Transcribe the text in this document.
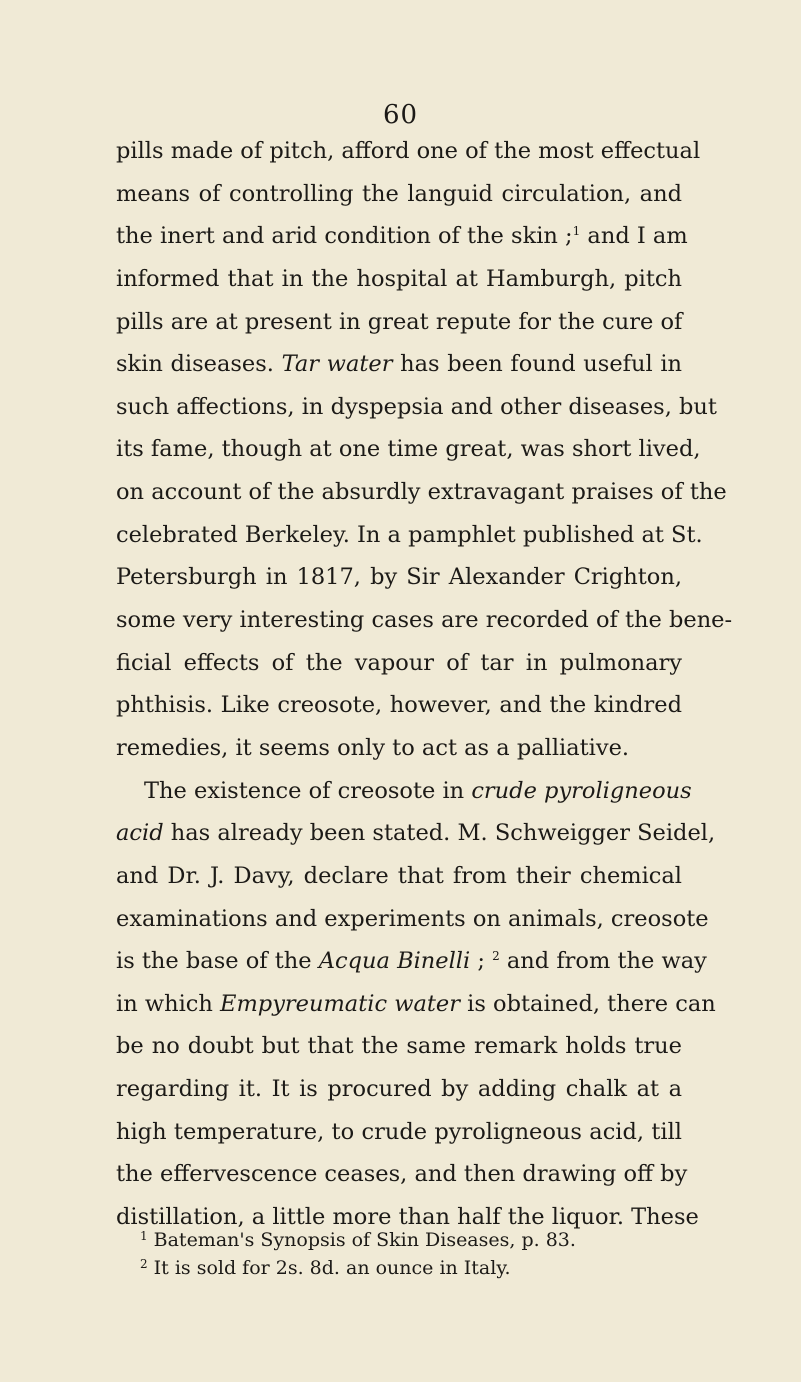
60
pills made of pitch, afford one of the most effectual
means of controlling the languid circulation, and
the inert and arid condition of the skin ;$^1$ and I am
informed that in the hospital at Hamburgh, pitch
pills are at present in great repute for the cure of
skin diseases. Tar water has been found useful in
such affections, in dyspepsia and other diseases, but
its fame, though at one time great, was short lived,
on account of the absurdly extravagant praises of the
celebrated Berkeley. In a pamphlet published at St.
Petersburgh in 1817, by Sir Alexander Crighton,
some very interesting cases are recorded of the bene-
ficial effects of the vapour of tar in pulmonary
phthisis. Like creosote, however, and the kindred
remedies, it seems only to act as a palliative.
The existence of creosote in crude pyroligneous
acid has already been stated. M. Schweigger Seidel,
and Dr. J. Davy, declare that from their chemical
examinations and experiments on animals, creosote
is the base of the Acqua Binelli ; $^2$ and from the way
in which Empyreumatic water is obtained, there can
be no doubt but that the same remark holds true
regarding it. It is procured by adding chalk at a
high temperature, to crude pyroligneous acid, till
the effervescence ceases, and then drawing off by
distillation, a little more than half the liquor. These
$^1$ Bateman's Synopsis of Skin Diseases, p. 83.
$^2$ It is sold for 2s. 8d. an ounce in Italy.
